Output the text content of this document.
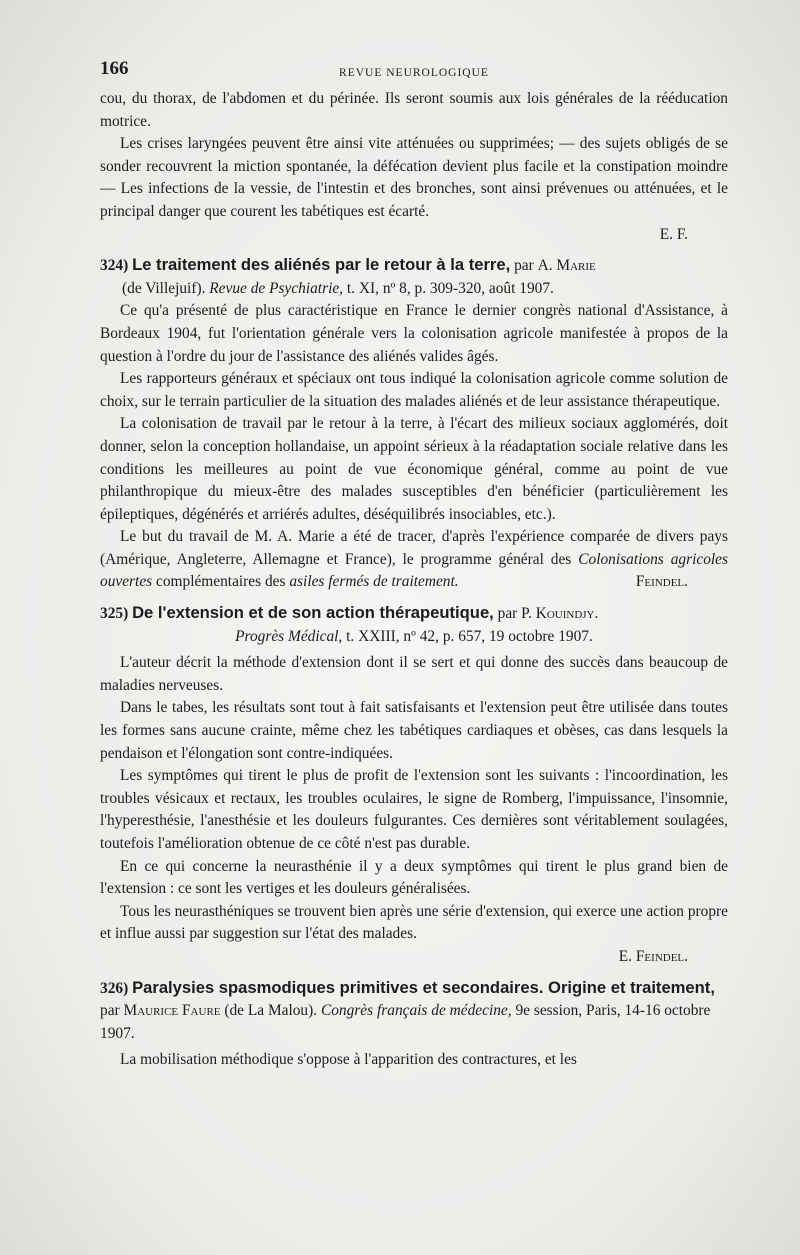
166	REVUE NEUROLOGIQUE

cou, du thorax, de l'abdomen et du périnée. Ils seront soumis aux lois générales de la rééducation motrice.

Les crises laryngées peuvent être ainsi vite atténuées ou supprimées; — des sujets obligés de se sonder recouvrent la miction spontanée, la défécation devient plus facile et la constipation moindre — Les infections de la vessie, de l'intestin et des bronches, sont ainsi prévenues ou atténuées, et le principal danger que courent les tabétiques est écarté.

E. F.

324) Le traitement des aliénés par le retour à la terre, par A. Marie
(de Villejuif). Revue de Psychiatrie, t. XI, nº 8, p. 309-320, août 1907.

Ce qu'a présenté de plus caractéristique en France le dernier congrès national d'Assistance, à Bordeaux 1904, fut l'orientation générale vers la colonisation agricole manifestée à propos de la question à l'ordre du jour de l'assistance des aliénés valides âgés.

Les rapporteurs généraux et spéciaux ont tous indiqué la colonisation agricole comme solution de choix, sur le terrain particulier de la situation des malades aliénés et de leur assistance thérapeutique.

La colonisation de travail par le retour à la terre, à l'écart des milieux sociaux agglomérés, doit donner, selon la conception hollandaise, un appoint sérieux à la réadaptation sociale relative dans les conditions les meilleures au point de vue économique général, comme au point de vue philanthropique du mieux-être des malades susceptibles d'en bénéficier (particulièrement les épileptiques, dégénérés et arriérés adultes, déséquilibrés insociables, etc.).

Le but du travail de M. A. Marie a été de tracer, d'après l'expérience comparée de divers pays (Amérique, Angleterre, Allemagne et France), le programme général des Colonisations agricoles ouvertes complémentaires des asiles fermés de traitement.	Feindel.

325) De l'extension et de son action thérapeutique, par P. Kouindjy.
Progrès Médical, t. XXIII, nº 42, p. 657, 19 octobre 1907.

L'auteur décrit la méthode d'extension dont il se sert et qui donne des succès dans beaucoup de maladies nerveuses.

Dans le tabes, les résultats sont tout à fait satisfaisants et l'extension peut être utilisée dans toutes les formes sans aucune crainte, même chez les tabétiques cardiaques et obèses, cas dans lesquels la pendaison et l'élongation sont contre-indiquées.

Les symptômes qui tirent le plus de profit de l'extension sont les suivants : l'incoordination, les troubles vésicaux et rectaux, les troubles oculaires, le signe de Romberg, l'impuissance, l'insomnie, l'hyperesthésie, l'anesthésie et les douleurs fulgurantes. Ces dernières sont véritablement soulagées, toutefois l'amélioration obtenue de ce côté n'est pas durable.

En ce qui concerne la neurasthénie il y a deux symptômes qui tirent le plus grand bien de l'extension : ce sont les vertiges et les douleurs généralisées.

Tous les neurasthéniques se trouvent bien après une série d'extension, qui exerce une action propre et influe aussi par suggestion sur l'état des malades.

E. Feindel.

326) Paralysies spasmodiques primitives et secondaires. Origine et traitement, par Maurice Faure (de La Malou). Congrès français de médecine, 9e session, Paris, 14-16 octobre 1907.

La mobilisation méthodique s'oppose à l'apparition des contractures, et les
